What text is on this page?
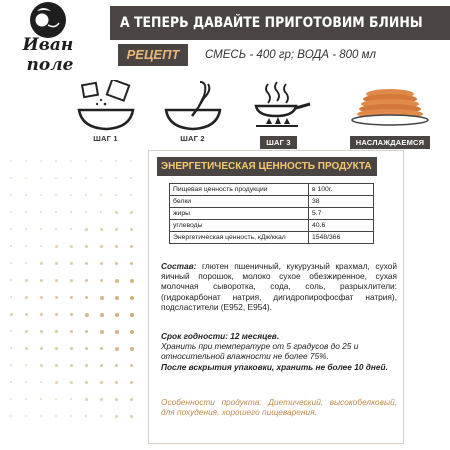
Иван
поле
А ТЕПЕРЬ ДАВАЙТЕ ПРИГОТОВИМ БЛИНЫ
РЕЦЕПТ	СМЕСЬ - 400 гр; ВОДА - 800 мл
ШАГ 1	ШАГ 2	ШАГ 3	НАСЛАЖДАЕМСЯ
ЭНЕРГЕТИЧЕСКАЯ ЦЕННОСТЬ ПРОДУКТА
Пищевая ценность продукции	в 100г.
белки	38
жиры	5.7
углеводы	40.6
Энергетическая ценность, кДж/ккал	1548/366
Состав: глютен пшеничный, кукурузный крахмал, сухой яичный порошок, молоко сухое обезжиренное, сухая молочная сыворотка, сода, соль, разрыхлители: (гидрокарбонат натрия, дигидропирофосфат натрия), подсластители (Е952, Е954).
Срок годности: 12 месяцев.
Хранить при температуре от 5 градусов до 25 и относительной влажности не более 75%.
После вскрытия упаковки, хранить не более 10 дней.
Особенности продукта: Диетический, высокобелковый, для похудения, хорошего пищеварения.
